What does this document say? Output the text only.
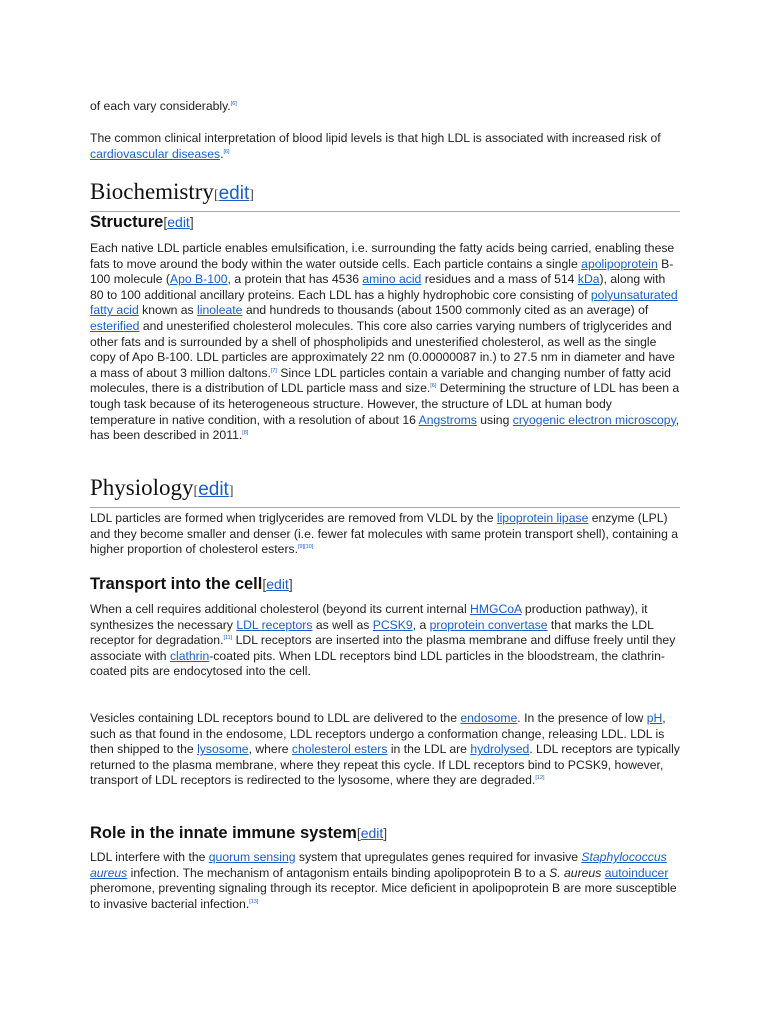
of each vary considerably.[6]

The common clinical interpretation of blood lipid levels is that high LDL is associated with increased risk of cardiovascular diseases.[6]

Biochemistry[edit]
Structure[edit]

Each native LDL particle enables emulsification, i.e. surrounding the fatty acids being carried, enabling these fats to move around the body within the water outside cells. Each particle contains a single apolipoprotein B-100 molecule (Apo B-100, a protein that has 4536 amino acid residues and a mass of 514 kDa), along with 80 to 100 additional ancillary proteins. Each LDL has a highly hydrophobic core consisting of polyunsaturated fatty acid known as linoleate and hundreds to thousands (about 1500 commonly cited as an average) of esterified and unesterified cholesterol molecules. This core also carries varying numbers of triglycerides and other fats and is surrounded by a shell of phospholipids and unesterified cholesterol, as well as the single copy of Apo B-100. LDL particles are approximately 22 nm (0.00000087 in.) to 27.5 nm in diameter and have a mass of about 3 million daltons.[7] Since LDL particles contain a variable and changing number of fatty acid molecules, there is a distribution of LDL particle mass and size.[6] Determining the structure of LDL has been a tough task because of its heterogeneous structure. However, the structure of LDL at human body temperature in native condition, with a resolution of about 16 Angstroms using cryogenic electron microscopy, has been described in 2011.[8]

Physiology[edit]

LDL particles are formed when triglycerides are removed from VLDL by the lipoprotein lipase enzyme (LPL) and they become smaller and denser (i.e. fewer fat molecules with same protein transport shell), containing a higher proportion of cholesterol esters.[9][10]

Transport into the cell[edit]

When a cell requires additional cholesterol (beyond its current internal HMGCoA production pathway), it synthesizes the necessary LDL receptors as well as PCSK9, a proprotein convertase that marks the LDL receptor for degradation.[11] LDL receptors are inserted into the plasma membrane and diffuse freely until they associate with clathrin-coated pits. When LDL receptors bind LDL particles in the bloodstream, the clathrin-coated pits are endocytosed into the cell.

Vesicles containing LDL receptors bound to LDL are delivered to the endosome. In the presence of low pH, such as that found in the endosome, LDL receptors undergo a conformation change, releasing LDL. LDL is then shipped to the lysosome, where cholesterol esters in the LDL are hydrolysed. LDL receptors are typically returned to the plasma membrane, where they repeat this cycle. If LDL receptors bind to PCSK9, however, transport of LDL receptors is redirected to the lysosome, where they are degraded.[12]

Role in the innate immune system[edit]

LDL interfere with the quorum sensing system that upregulates genes required for invasive Staphylococcus aureus infection. The mechanism of antagonism entails binding apolipoprotein B to a S. aureus autoinducer pheromone, preventing signaling through its receptor. Mice deficient in apolipoprotein B are more susceptible to invasive bacterial infection.[13]
